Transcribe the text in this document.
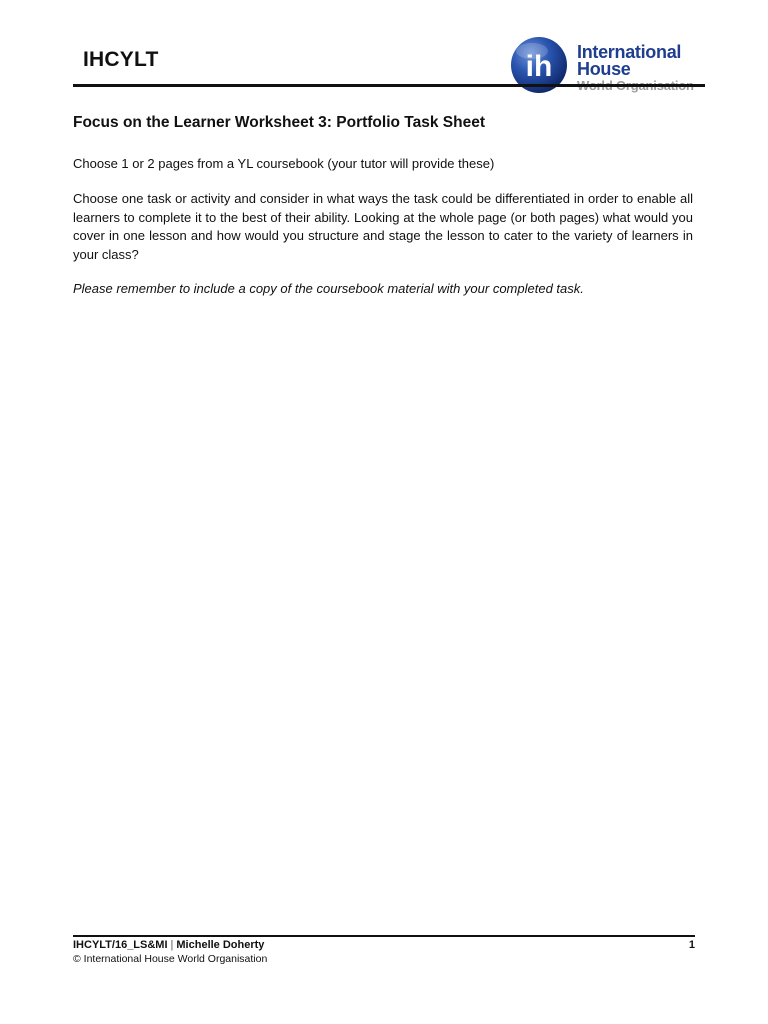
IHCYLT	ih International
House
Focus on the Learner Worksheet 3: Portfolio Task Sheet

Choose 1 or 2 pages from a YL coursebook (your tutor will provide these)

Choose one task or activity and consider in what ways the task could be differentiated in order to enable all learners to complete it to the best of their ability. Looking at the whole page (or both pages) what would you cover in one lesson and how would you structure and stage the lesson to cater to the variety of learners in your class?

Please remember to include a copy of the coursebook material with your completed task.

IHCYLT/16_LS&MI | Michelle Doherty	1
© International House World Organisation
